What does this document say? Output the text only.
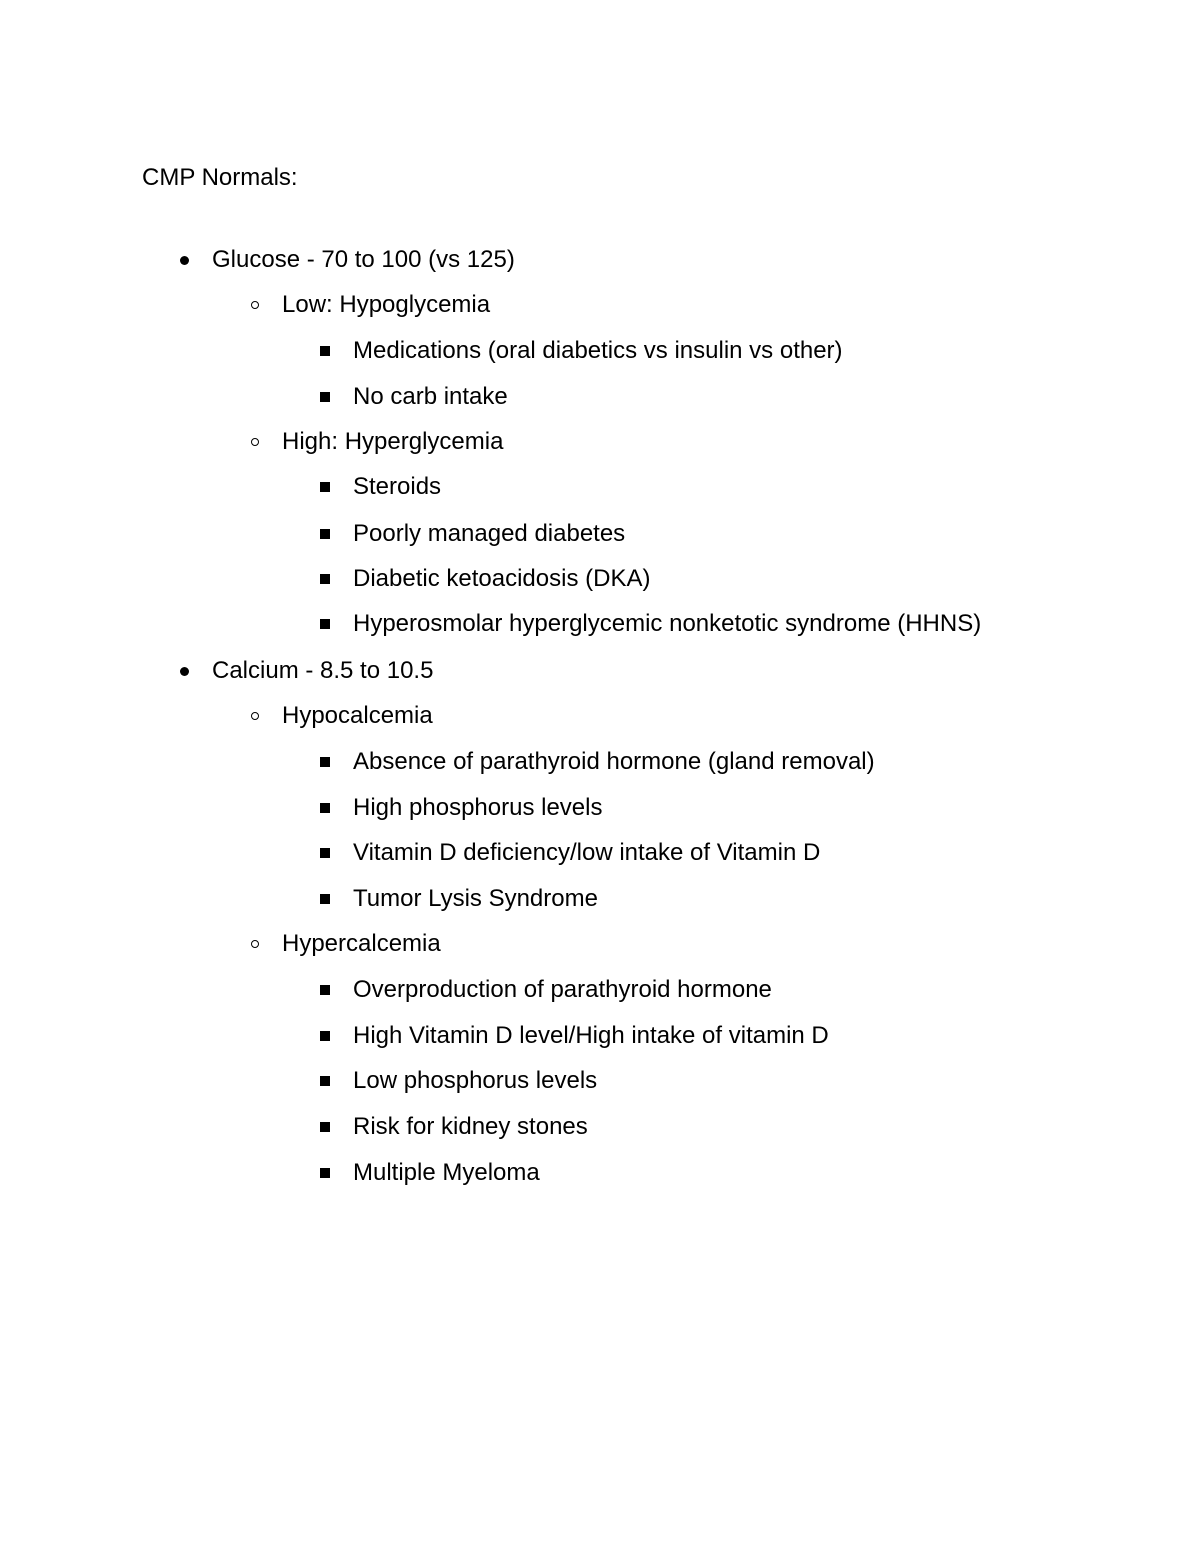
CMP Normals:
Glucose - 70 to 100 (vs 125)
Low: Hypoglycemia
Medications (oral diabetics vs insulin vs other)
No carb intake
High: Hyperglycemia
Steroids
Poorly managed diabetes
Diabetic ketoacidosis (DKA)
Hyperosmolar hyperglycemic nonketotic syndrome (HHNS)
Calcium - 8.5 to 10.5
Hypocalcemia
Absence of parathyroid hormone (gland removal)
High phosphorus levels
Vitamin D deficiency/low intake of Vitamin D
Tumor Lysis Syndrome
Hypercalcemia
Overproduction of parathyroid hormone
High Vitamin D level/High intake of vitamin D
Low phosphorus levels
Risk for kidney stones
Multiple Myeloma
